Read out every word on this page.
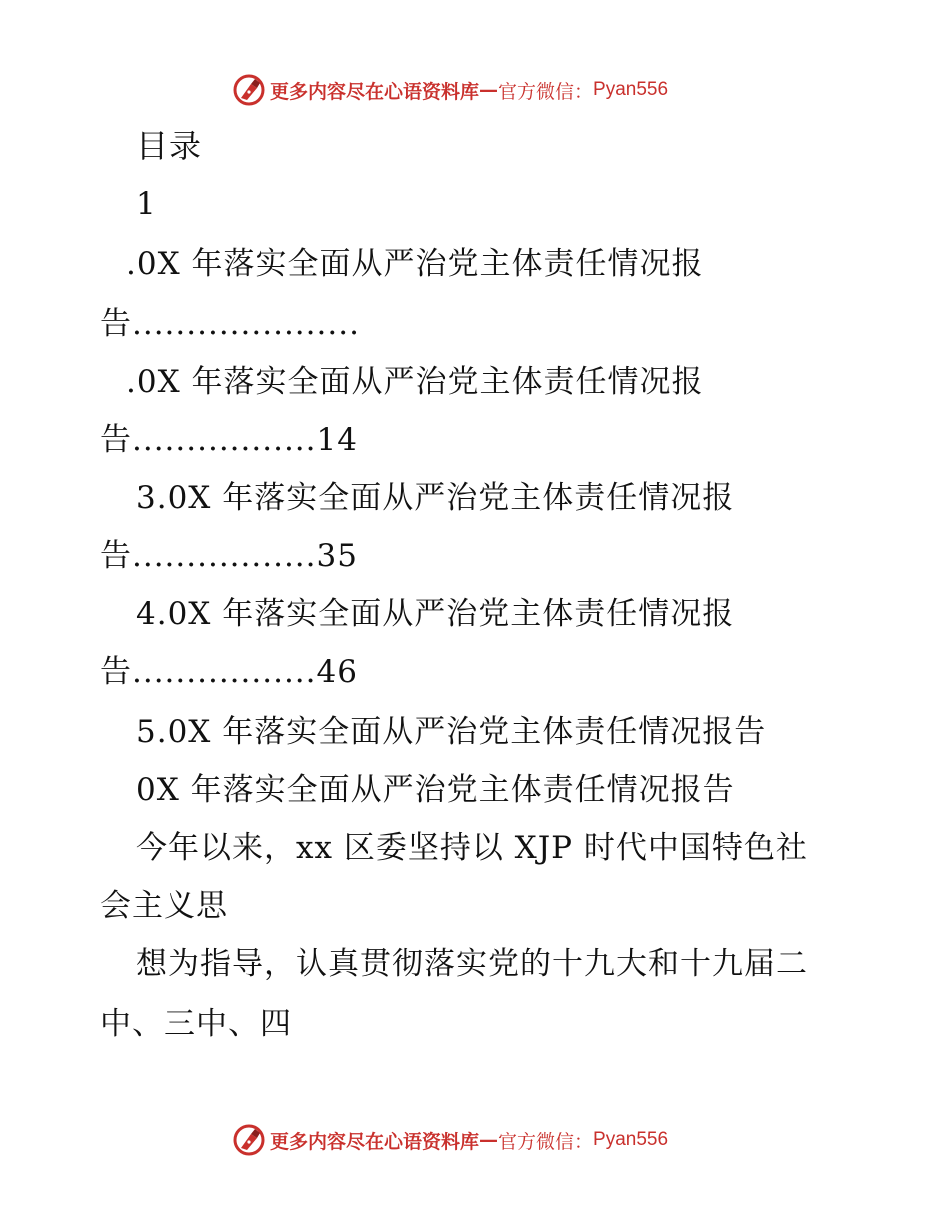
更多内容尽在心语资料库 — 官方微信： Pyan556
目录
1
.0X 年落实全面从严治党主体责任情况报
告.....................
.0X 年落实全面从严治党主体责任情况报
告.................14
3.0X 年落实全面从严治党主体责任情况报
告.................35
4.0X 年落实全面从严治党主体责任情况报
告.................46
5.0X 年落实全面从严治党主体责任情况报告
0X 年落实全面从严治党主体责任情况报告
今年以来，xx 区委坚持以 XJP 时代中国特色社
会主义思
想为指导，认真贯彻落实党的十九大和十九届二
中、三中、四
更多内容尽在心语资料库 — 官方微信： Pyan556
